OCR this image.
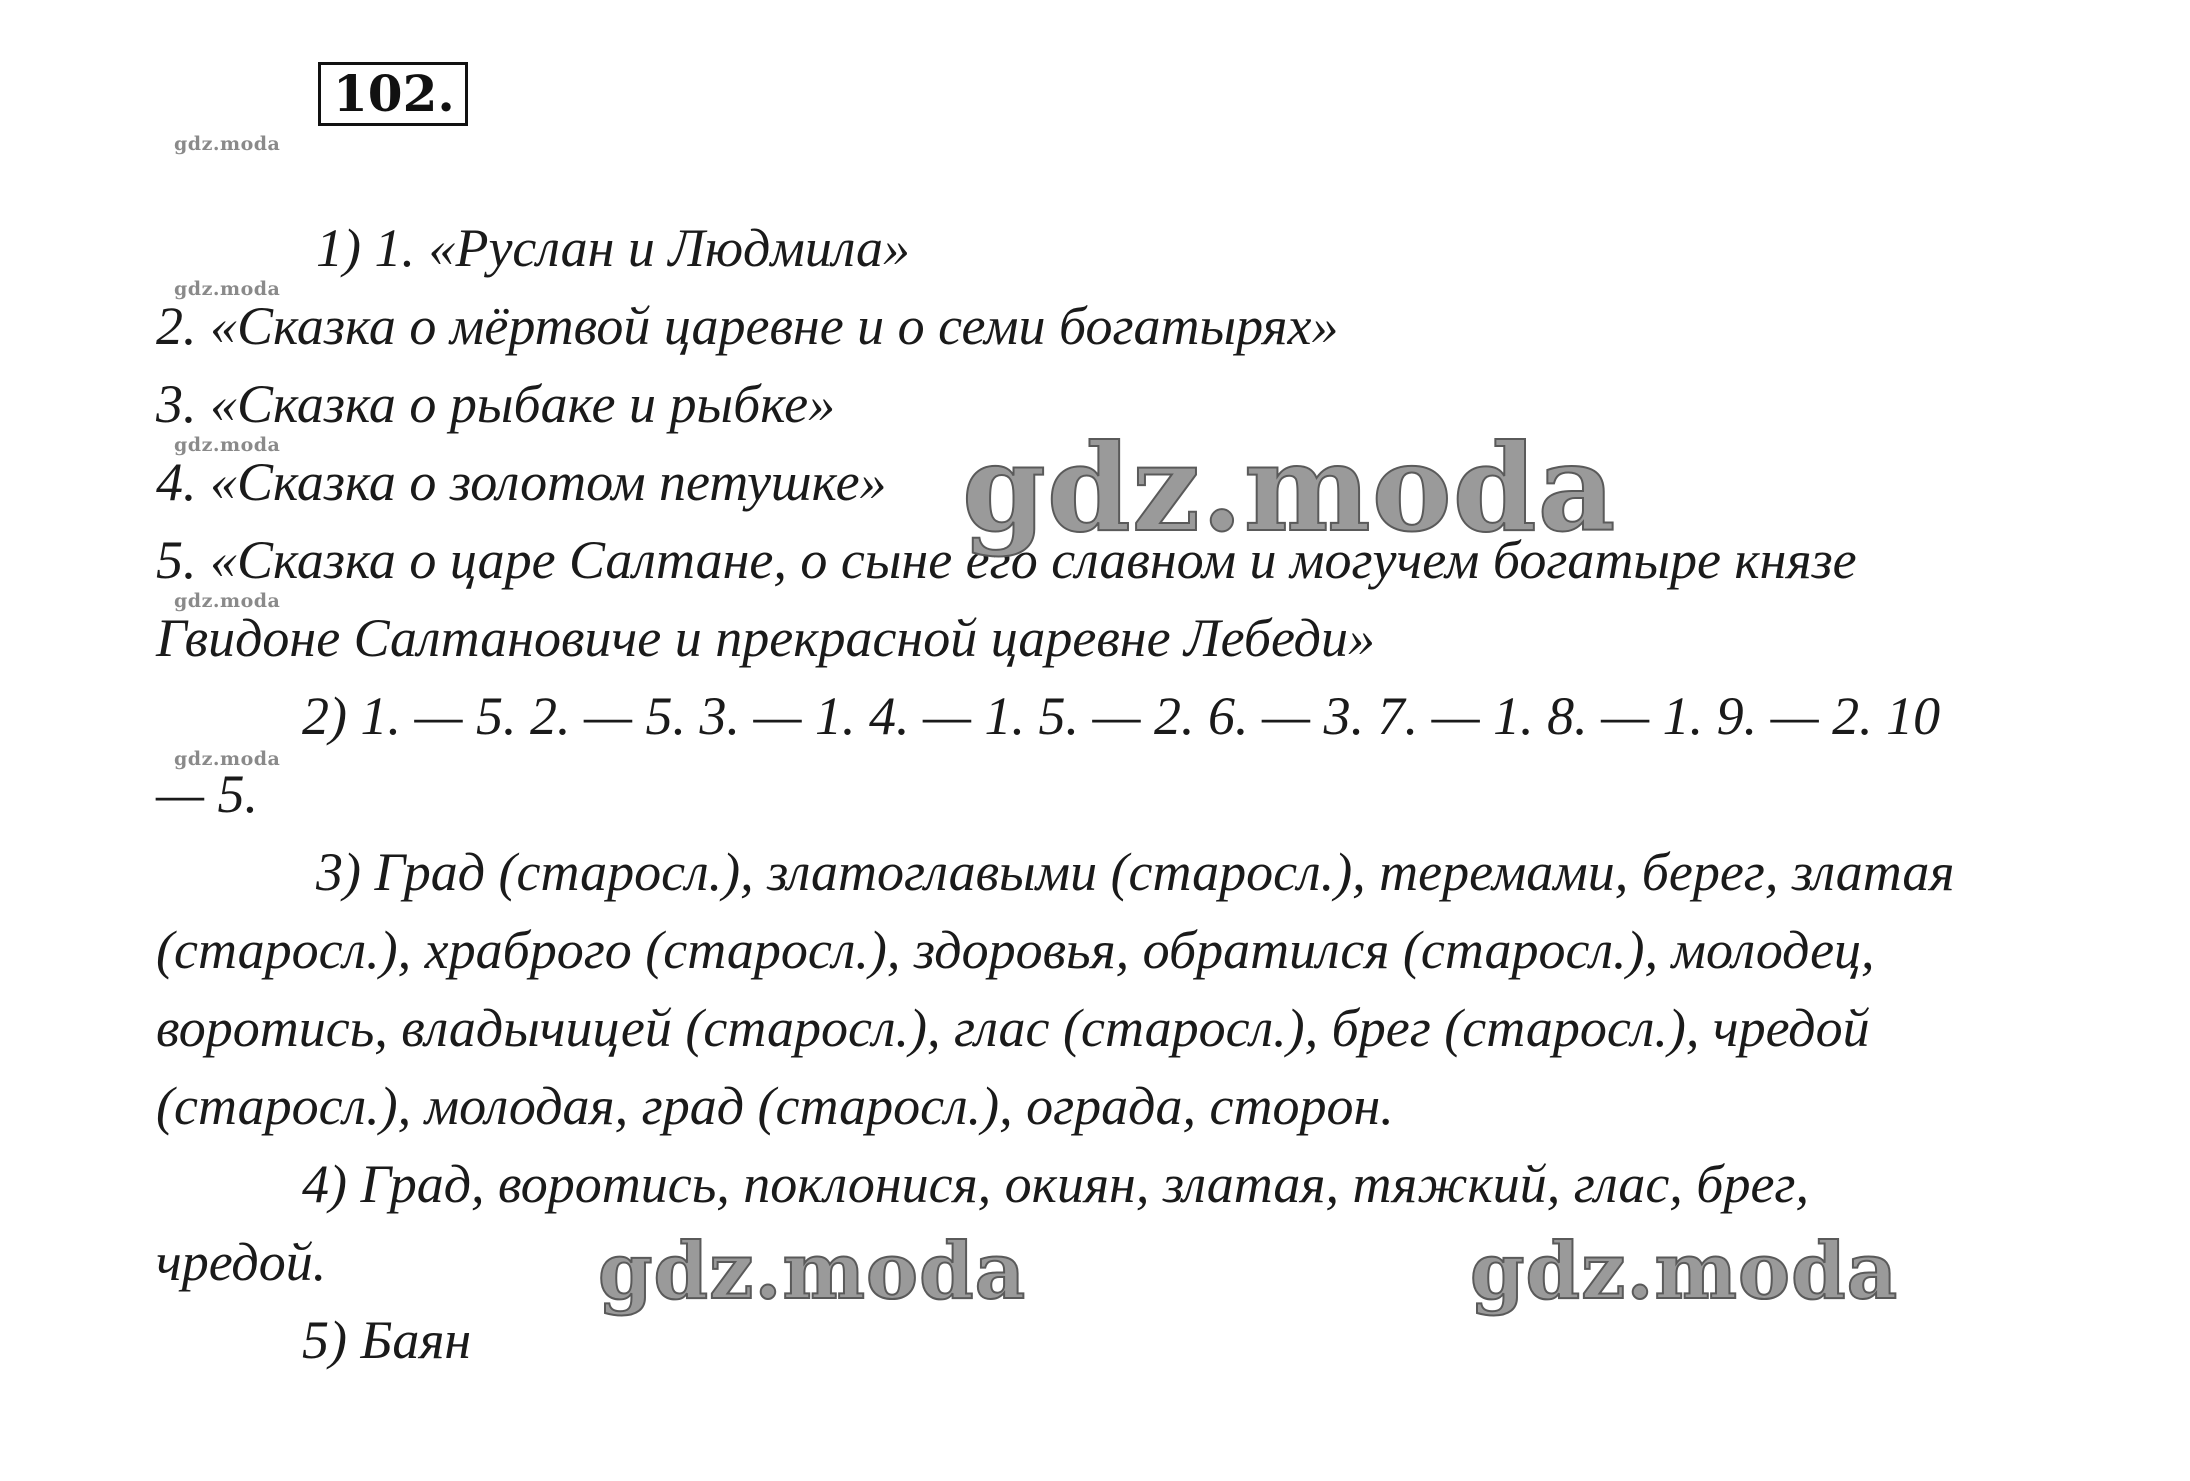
102.
gdz.moda
gdz.moda
gdz.moda
gdz.moda
gdz.moda
1) 1. «Руслан и Людмила»
2. «Сказка о мёртвой царевне и о семи богатырях»
3. «Сказка о рыбаке и рыбке»
4. «Сказка о золотом петушке»
5. «Сказка о царе Салтане, о сыне его славном и могучем богатыре князе
Гвидоне Салтановиче и прекрасной царевне Лебеди»
2) 1. — 5. 2. — 5. 3. — 1. 4. — 1. 5. — 2. 6. — 3. 7. — 1. 8. — 1. 9. — 2. 10
— 5.
3) Град (старосл.), златоглавыми (старосл.), теремами, берег, златая
(старосл.), храброго (старосл.), здоровья, обратился (старосл.), молодец,
воротись, владычицей (старосл.), глас (старосл.), брег (старосл.), чредой
(старосл.), молодая, град (старосл.), ограда, сторон.
4) Град, воротись, поклонися, окиян, златая, тяжкий, глас, брег,
чредой.
5) Баян
gdz.moda
gdz.moda	gdz.moda
